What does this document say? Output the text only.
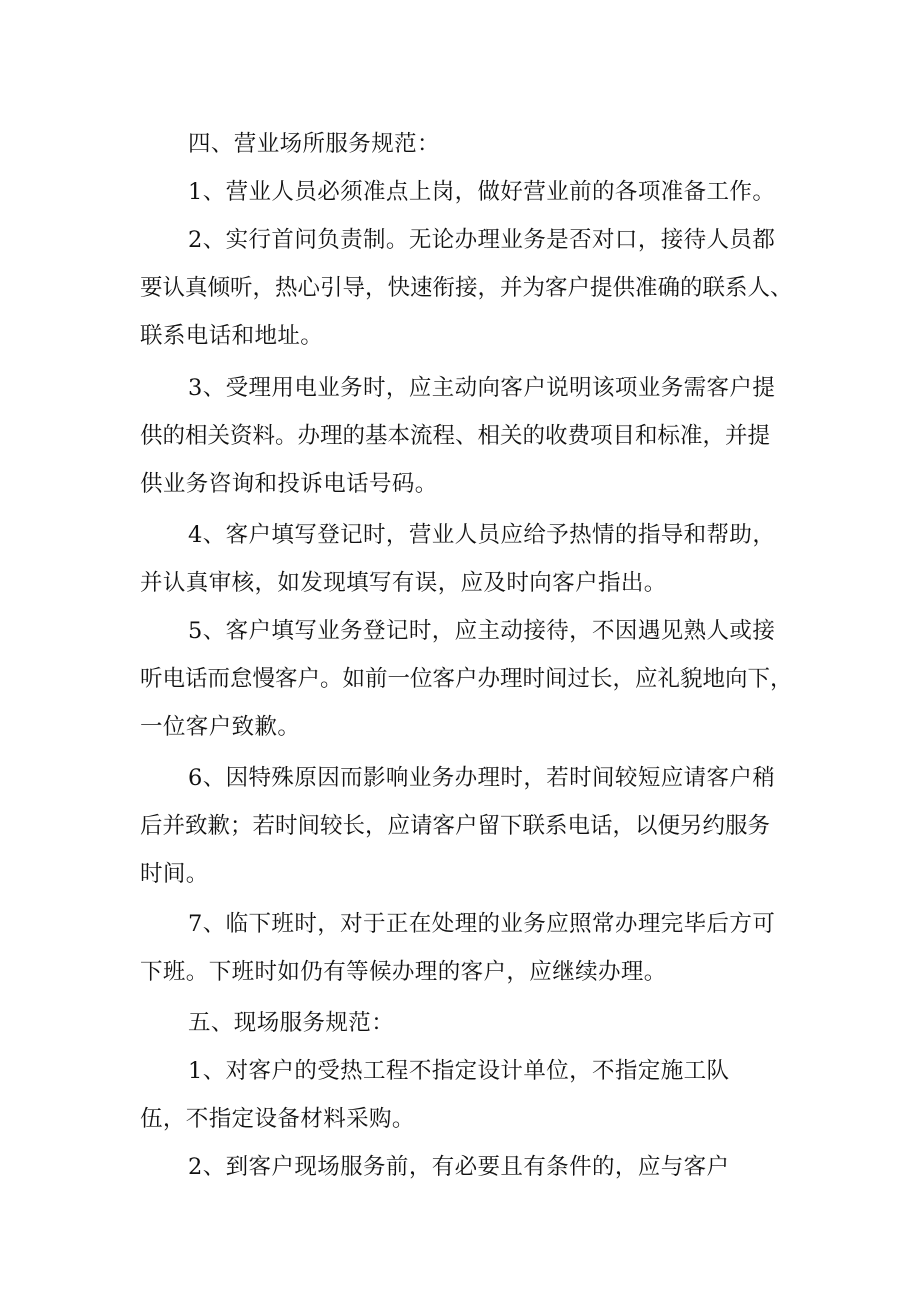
四、营业场所服务规范：
1、营业人员必须准点上岗，做好营业前的各项准备工作。
2、实行首问负责制。无论办理业务是否对口，接待人员都
要认真倾听，热心引导，快速衔接，并为客户提供准确的联系人、
联系电话和地址。
3、受理用电业务时，应主动向客户说明该项业务需客户提
供的相关资料。办理的基本流程、相关的收费项目和标准，并提
供业务咨询和投诉电话号码。
4、客户填写登记时，营业人员应给予热情的指导和帮助，
并认真审核，如发现填写有误，应及时向客户指出。
5、客户填写业务登记时，应主动接待，不因遇见熟人或接
听电话而怠慢客户。如前一位客户办理时间过长，应礼貌地向下，
一位客户致歉。
6、因特殊原因而影响业务办理时，若时间较短应请客户稍
后并致歉；若时间较长，应请客户留下联系电话，以便另约服务
时间。
7、临下班时，对于正在处理的业务应照常办理完毕后方可
下班。下班时如仍有等候办理的客户，应继续办理。
五、现场服务规范：
1、对客户的受热工程不指定设计单位，不指定施工队
伍，不指定设备材料采购。
2、到客户现场服务前，有必要且有条件的，应与客户
